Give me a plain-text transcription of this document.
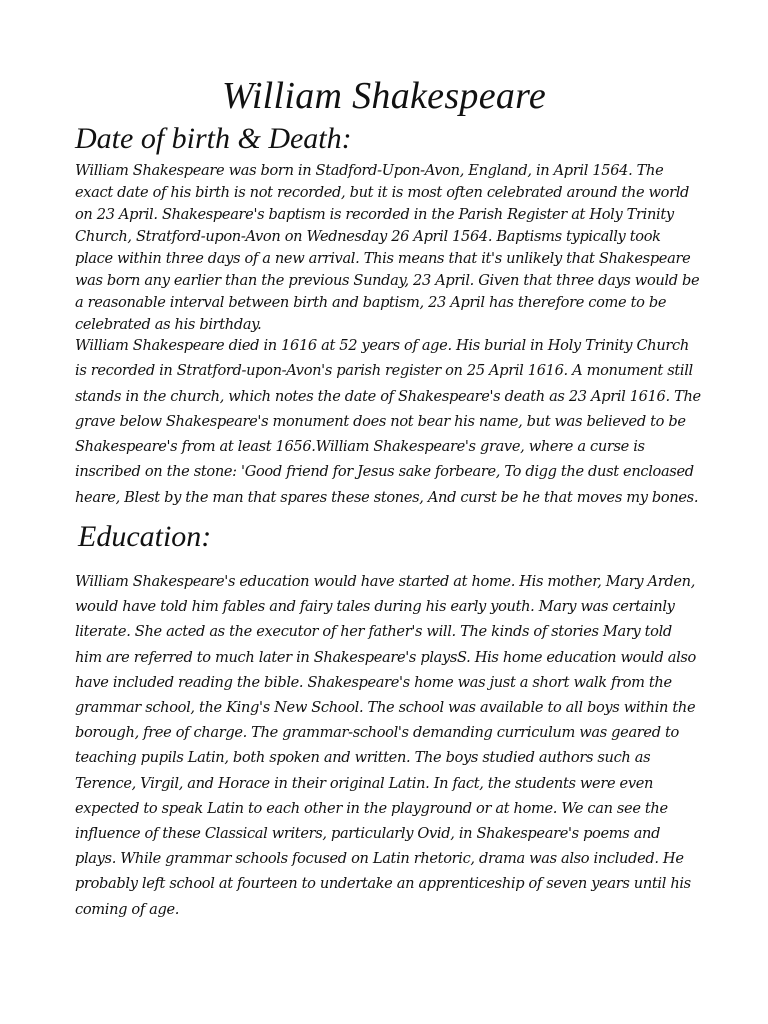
William Shakespeare
Date of birth & Death:

William Shakespeare was born in Stadford-Upon-Avon, England, in April 1564. The exact date of his birth is not recorded, but it is most often celebrated around the world on 23 April. Shakespeare's baptism is recorded in the Parish Register at Holy Trinity Church, Stratford-upon-Avon on Wednesday 26 April 1564. Baptisms typically took place within three days of a new arrival. This means that it's unlikely that Shakespeare was born any earlier than the previous Sunday, 23 April. Given that three days would be a reasonable interval between birth and baptism, 23 April has therefore come to be celebrated as his birthday.

William Shakespeare died in 1616 at 52 years of age. His burial in Holy Trinity Church is recorded in Stratford-upon-Avon's parish register on 25 April 1616. A monument still stands in the church, which notes the date of Shakespeare's death as 23 April 1616. The grave below Shakespeare's monument does not bear his name, but was believed to be Shakespeare's from at least 1656.William Shakespeare's grave, where a curse is inscribed on the stone: 'Good friend for Jesus sake forbeare, To digg the dust encloased heare, Blest by the man that spares these stones, And curst be he that moves my bones.

Education:

William Shakespeare's education would have started at home. His mother, Mary Arden, would have told him fables and fairy tales during his early youth. Mary was certainly literate. She acted as the executor of her father's will. The kinds of stories Mary told him are referred to much later in Shakespeare's playsS. His home education would also have included reading the bible. Shakespeare's home was just a short walk from the grammar school, the King's New School. The school was available to all boys within the borough, free of charge. The grammar-school's demanding curriculum was geared to teaching pupils Latin, both spoken and written. The boys studied authors such as Terence, Virgil, and Horace in their original Latin. In fact, the students were even expected to speak Latin to each other in the playground or at home. We can see the influence of these Classical writers, particularly Ovid, in Shakespeare's poems and plays. While grammar schools focused on Latin rhetoric, drama was also included. He probably left school at fourteen to undertake an apprenticeship of seven years until his coming of age.
